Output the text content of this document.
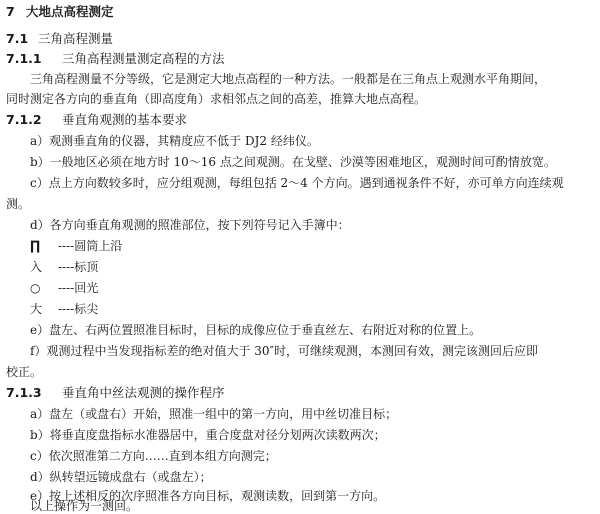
7 大地点高程测定
7.1 三角高程测量
7.1.1 三角高程测量测定高程的方法
三角高程测量不分等级，它是测定大地点高程的一种方法。一般都是在三角点上观测水平角期间，
同时测定各方向的垂直角（即高度角）求相邻点之间的高差，推算大地点高程。
7.1.2 垂直角观测的基本要求
a）观测垂直角的仪器，其精度应不低于 DJ2 经纬仪。
b）一般地区必须在地方时 10～16 点之间观测。在戈壁、沙漠等困难地区，观测时间可酌情放宽。
c）点上方向数较多时，应分组观测，每组包括 2～4 个方向。遇到通视条件不好，亦可单方向连续观
测。
d）各方向垂直角观测的照准部位，按下列符号记入手簿中：
∏ ----圆筒上沿
入 ----标顶
○ ----回光
大 ----标尖
e）盘左、右两位置照准目标时，目标的成像应位于垂直丝左、右附近对称的位置上。
f）观测过程中当发现指标差的绝对值大于 30″时，可继续观测，本测回有效，测完该测回后应即
校正。
7.1.3 垂直角中丝法观测的操作程序
a）盘左（或盘右）开始，照准一组中的第一方向，用中丝切准目标；
b）将垂直度盘指标水准器居中，重合度盘对径分划两次读数两次；
c）依次照准第二方向……直到本组方向测完；
d）纵转望远镜成盘右（或盘左）；
e）按上述相反的次序照准各方向目标，观测读数，回到第一方向。
以上操作为一测回。
